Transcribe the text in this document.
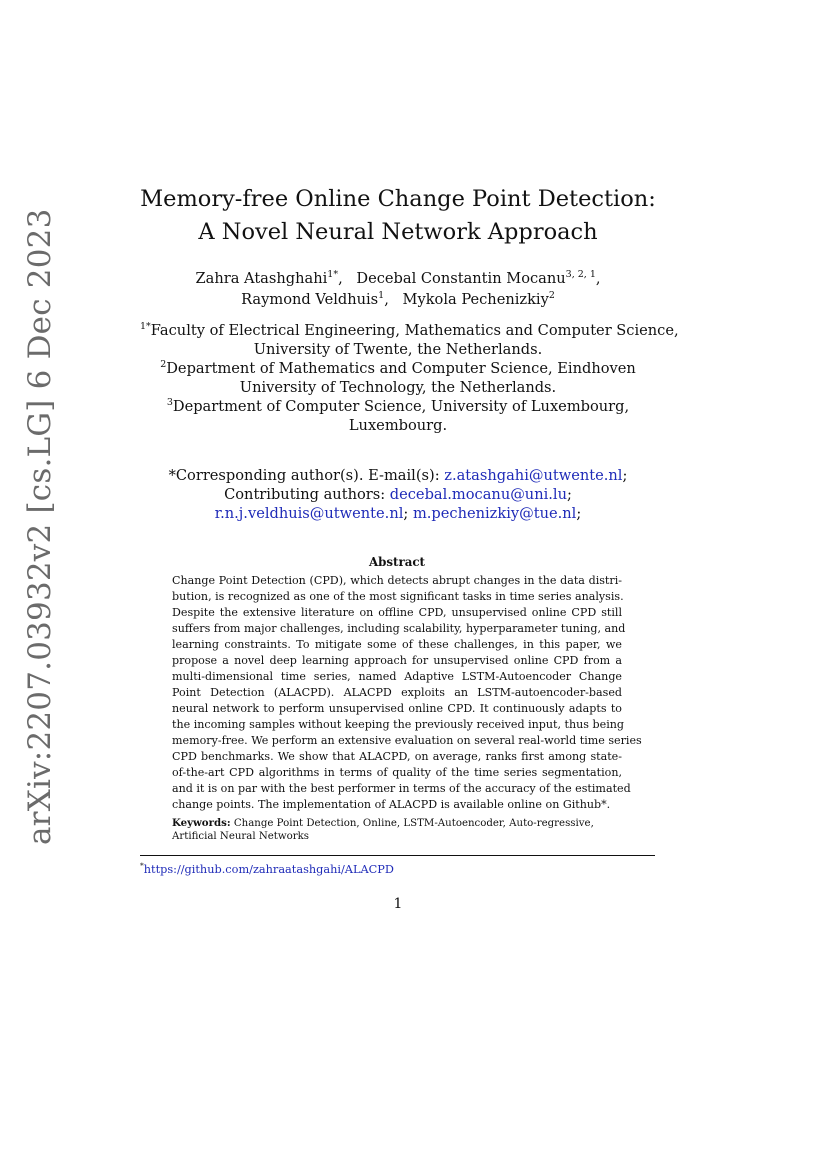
arXiv:2207.03932v2 [cs.LG] 6 Dec 2023
Memory-free Online Change Point Detection:
A Novel Neural Network Approach
Zahra Atashghahi$^{1*}$, Decebal Constantin Mocanu$^{3, 2, 1}$,
Raymond Veldhuis$^1$, Mykola Pechenizkiy$^2$
$^{1*}$Faculty of Electrical Engineering, Mathematics and Computer Science,
University of Twente, the Netherlands.
$^2$Department of Mathematics and Computer Science, Eindhoven
University of Technology, the Netherlands.
$^3$Department of Computer Science, University of Luxembourg,
Luxembourg.
*Corresponding author(s). E-mail(s): z.atashgahi@utwente.nl;
Contributing authors: decebal.mocanu@uni.lu;
r.n.j.veldhuis@utwente.nl; m.pechenizkiy@tue.nl;
Abstract
Change Point Detection (CPD), which detects abrupt changes in the data distri-
bution, is recognized as one of the most significant tasks in time series analysis.
Despite the extensive literature on offline CPD, unsupervised online CPD still
suffers from major challenges, including scalability, hyperparameter tuning, and
learning constraints. To mitigate some of these challenges, in this paper, we
propose a novel deep learning approach for unsupervised online CPD from a
multi-dimensional time series, named Adaptive LSTM-Autoencoder Change
Point Detection (ALACPD). ALACPD exploits an LSTM-autoencoder-based
neural network to perform unsupervised online CPD. It continuously adapts to
the incoming samples without keeping the previously received input, thus being
memory-free. We perform an extensive evaluation on several real-world time series
CPD benchmarks. We show that ALACPD, on average, ranks first among state-
of-the-art CPD algorithms in terms of quality of the time series segmentation,
and it is on par with the best performer in terms of the accuracy of the estimated
change points. The implementation of ALACPD is available online on Github*.
Keywords: Change Point Detection, Online, LSTM-Autoencoder, Auto-regressive,
Artificial Neural Networks
*https://github.com/zahraatashgahi/ALACPD
1
